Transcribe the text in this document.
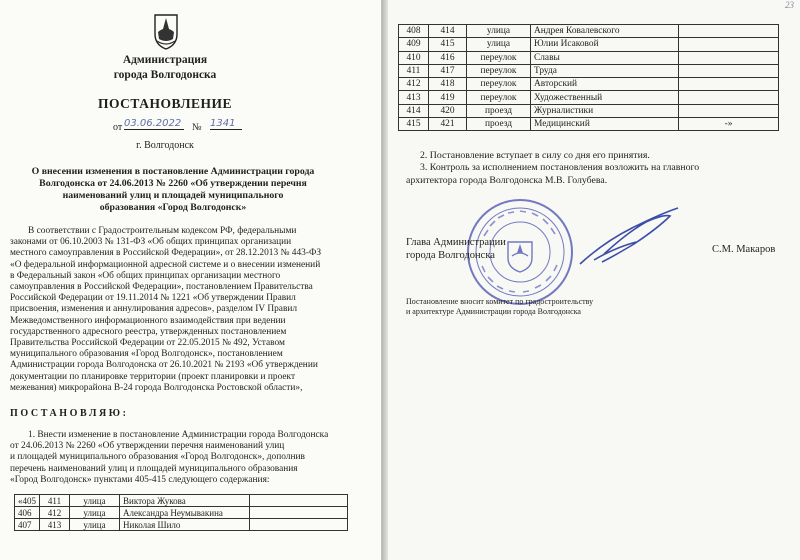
Администрация
города Волгодонска
ПОСТАНОВЛЕНИЕ
от 03.06.2022 № 1341
г. Волгодонск
О внесении изменения в постановление Администрации города
Волгодонска от 24.06.2013 № 2260 «Об утверждении перечня
наименований улиц и площадей муниципального
образования «Город Волгодонск»
В соответствии с Градостроительным кодексом РФ, федеральными
законами от 06.10.2003 № 131-ФЗ «Об общих принципах организации
местного самоуправления в Российской Федерации», от 28.12.2013 № 443-ФЗ
«О федеральной информационной адресной системе и о внесении изменений
в Федеральный закон «Об общих принципах организации местного
самоуправления в Российской Федерации», постановлением Правительства
Российской Федерации от 19.11.2014 № 1221 «Об утверждении Правил
присвоения, изменения и аннулирования адресов», разделом IV Правил
Межведомственного информационного взаимодействия при ведении
государственного адресного реестра, утвержденных постановлением
Правительства Российской Федерации от 22.05.2015 № 492, Уставом
муниципального образования «Город Волгодонск», постановлением
Администрации города Волгодонска от 26.10.2021 № 2193 «Об утверждении
документации по планировке территории (проект планировки и проект
межевания) микрорайона В-24 города Волгодонска Ростовской области»,
ПОСТАНОВЛЯЮ:
1. Внести изменение в постановление Администрации города Волгодонска
от 24.06.2013 № 2260 «Об утверждении перечня наименований улиц
и площадей муниципального образования «Город Волгодонск», дополнив
перечень наименований улиц и площадей муниципального образования
«Город Волгодонск» пунктами 405-415 следующего содержания:
«405	411	улица	Виктора Жукова	
406	412	улица	Александра Неумывакина	
407	413	улица	Николая Шило	
23
408	414	улица	Андрея Ковалевского	
409	415	улица	Юлии Исаковой	
410	416	переулок	Славы	
411	417	переулок	Труда	
412	418	переулок	Авторский	
413	419	переулок	Художественный	
414	420	проезд	Журналистики	
415	421	проезд	Медицинский	-»
2. Постановление вступает в силу со дня его принятия.
3. Контроль за исполнением постановления возложить на главного
архитектора города Волгодонска М.В. Голубева.
Глава Администрации
города Волгодонска
С.М. Макаров
Постановление вносит комитет по градостроительству
и архитектуре Администрации города Волгодонска
